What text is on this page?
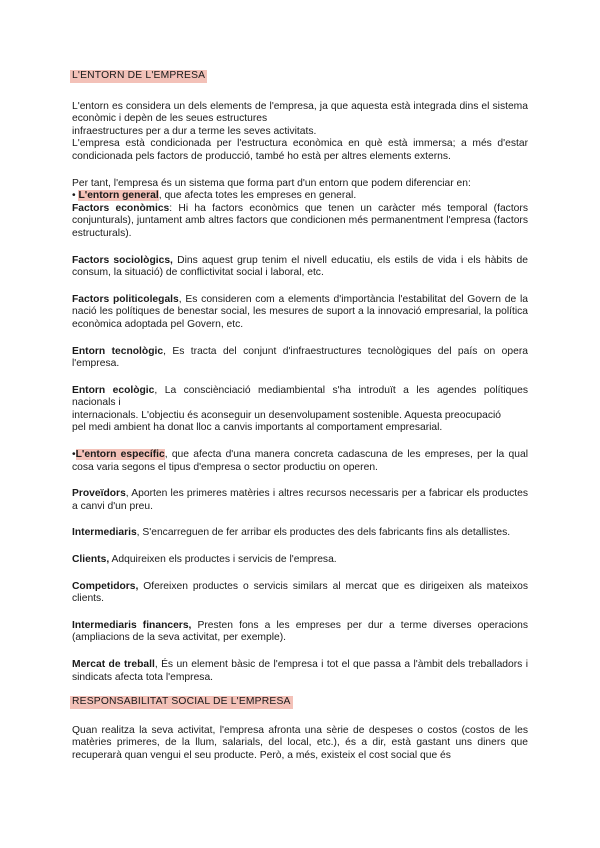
L'ENTORN DE L'EMPRESA

L'entorn es considera un dels elements de l'empresa, ja que aquesta està integrada dins el sistema econòmic i depèn de les seues estructures
infraestructures per a dur a terme les seves activitats.
L'empresa està condicionada per l'estructura econòmica en què està immersa; a més d'estar condicionada pels factors de producció, també ho està per altres elements externs.

Per tant, l'empresa és un sistema que forma part d'un entorn que podem diferenciar en:
• L'entorn general, que afecta totes les empreses en general.
Factors econòmics: Hi ha factors econòmics que tenen un caràcter més temporal (factors conjunturals), juntament amb altres factors que condicionen més permanentment l'empresa (factors estructurals).

Factors sociològics, Dins aquest grup tenim el nivell educatiu, els estils de vida i els hàbits de consum, la situació) de conflictivitat social i laboral, etc.

Factors politicolegals, Es consideren com a elements d'importància l'estabilitat del Govern de la nació les polítiques de benestar social, les mesures de suport a la innovació empresarial, la política econòmica adoptada pel Govern, etc.

Entorn tecnològic, Es tracta del conjunt d'infraestructures tecnològiques del país on opera l'empresa.

Entorn ecològic, La consciènciació mediambiental s'ha introduït a les agendes polítiques nacionals i
internacionals. L'objectiu és aconseguir un desenvolupament sostenible. Aquesta preocupació
pel medi ambient ha donat lloc a canvis importants al comportament empresarial.

•L'entorn específic, que afecta d'una manera concreta cadascuna de les empreses, per la qual cosa varia segons el tipus d'empresa o sector productiu on operen.

Proveïdors, Aporten les primeres matèries i altres recursos necessaris per a fabricar els productes a canvi d'un preu.

Intermediaris, S'encarreguen de fer arribar els productes des dels fabricants fins als detallistes.

Clients, Adquireixen els productes i servicis de l'empresa.

Competidors, Ofereixen productes o servicis similars al mercat que es dirigeixen als mateixos clients.

Intermediaris financers, Presten fons a les empreses per dur a terme diverses operacions (ampliacions de la seva activitat, per exemple).

Mercat de treball, És un element bàsic de l'empresa i tot el que passa a l'àmbit dels treballadors i sindicats afecta tota l'empresa.

RESPONSABILITAT SOCIAL DE L'EMPRESA

Quan realitza la seva activitat, l'empresa afronta una sèrie de despeses o costos (costos de les matèries primeres, de la llum, salarials, del local, etc.), és a dir, està gastant uns diners que recuperarà quan vengui el seu producte. Però, a més, existeix el cost social que és
